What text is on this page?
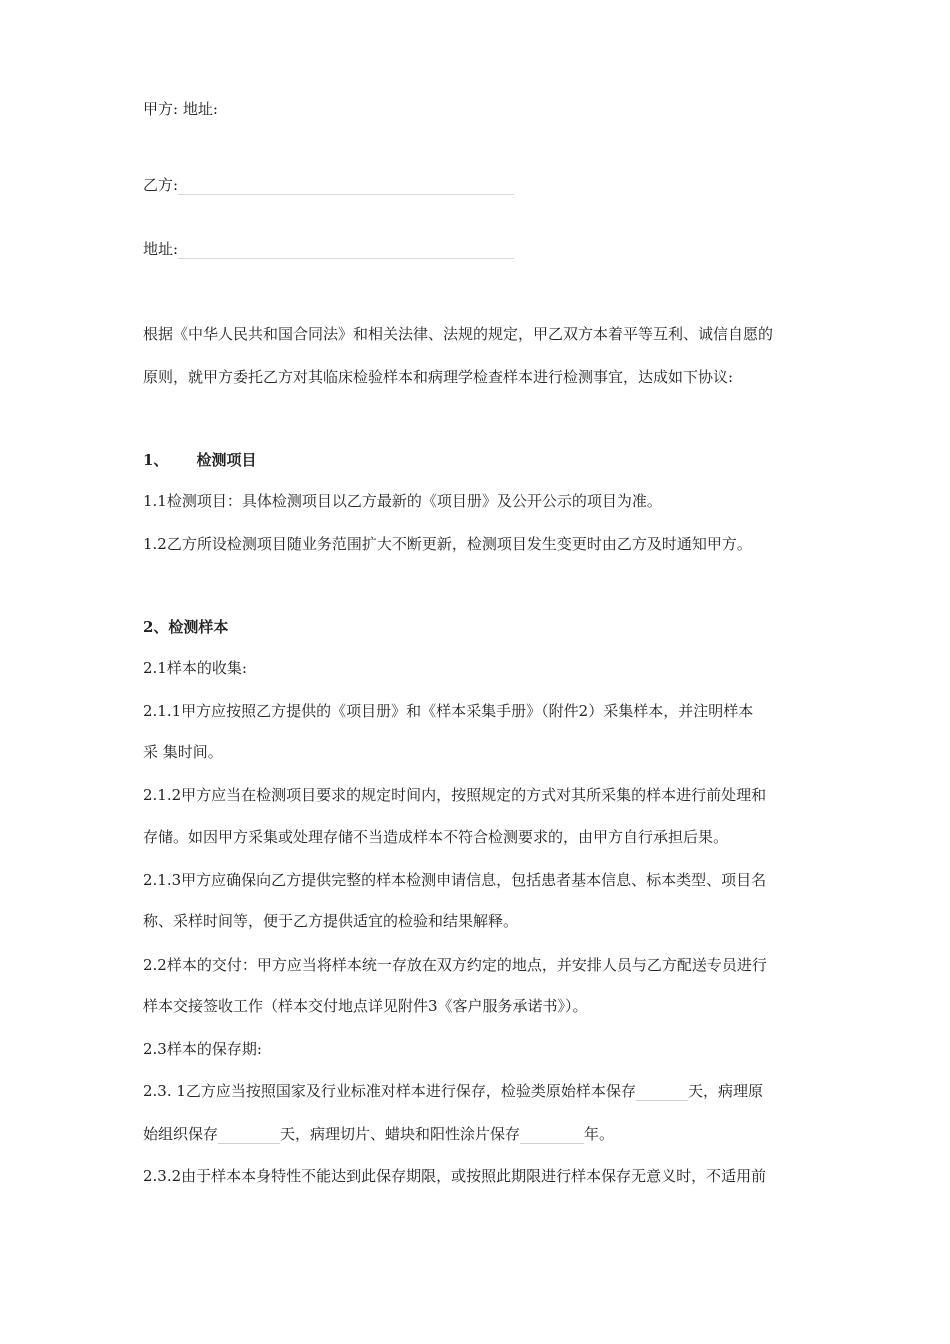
甲方: 地址:
乙方:
地址:
根据《中华人民共和国合同法》和相关法律、法规的规定，甲乙双方本着平等互利、诚信自愿的
原则，就甲方委托乙方对其临床检验样本和病理学检查样本进行检测事宜，达成如下协议:
1、 检测项目
1.1检测项目：具体检测项目以乙方最新的《项目册》及公开公示的项目为准。
1.2乙方所设检测项目随业务范围扩大不断更新，检测项目发生变更时由乙方及时通知甲方。
2、检测样本
2.1样本的收集:
2.1.1甲方应按照乙方提供的《项目册》和《样本采集手册》（附件2）采集样本，并注明样本
采 集时间。
2.1.2甲方应当在检测项目要求的规定时间内，按照规定的方式对其所采集的样本进行前处理和
存储。如因甲方采集或处理存储不当造成样本不符合检测要求的，由甲方自行承担后果。
2.1.3甲方应确保向乙方提供完整的样本检测申请信息，包括患者基本信息、标本类型、项目名
称、采样时间等，便于乙方提供适宜的检验和结果解释。
2.2样本的交付：甲方应当将样本统一存放在双方约定的地点，并安排人员与乙方配送专员进行
样本交接签收工作（样本交付地点详见附件3《客户服务承诺书》）。
2.3样本的保存期:
2.3. 1乙方应当按照国家及行业标准对样本进行保存，检验类原始样本保存	天，病理原
始组织保存	天，病理切片、蜡块和阳性涂片保存	年。
2.3.2由于样本本身特性不能达到此保存期限，或按照此期限进行样本保存无意义时，不适用前
